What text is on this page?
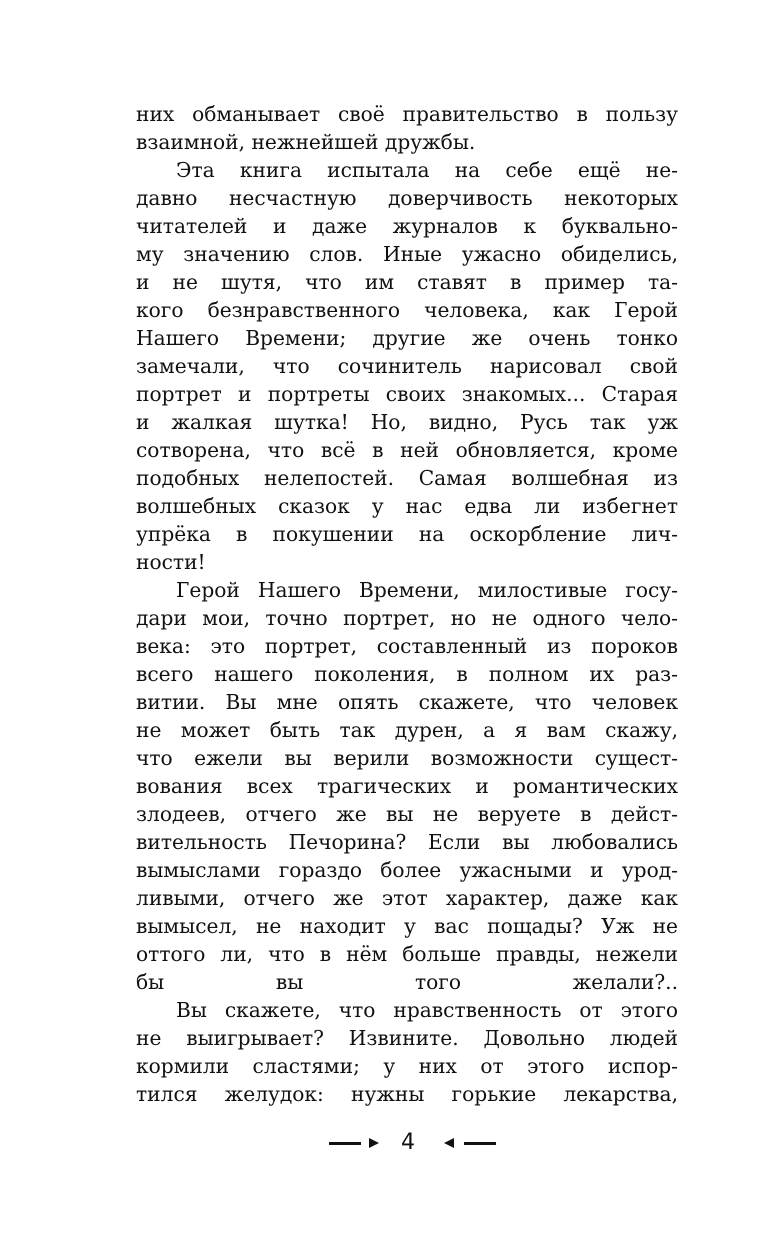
них обманывает своё правительство в пользу
взаимной, нежнейшей дружбы.
Эта книга испытала на себе ещё не-
давно несчастную доверчивость некоторых
читателей и даже журналов к буквально-
му значению слов. Иные ужасно обиделись,
и не шутя, что им ставят в пример та-
кого безнравственного человека, как Герой
Нашего Времени; другие же очень тонко
замечали, что сочинитель нарисовал свой
портрет и портреты своих знакомых... Старая
и жалкая шутка! Но, видно, Русь так уж
сотворена, что всё в ней обновляется, кроме
подобных нелепостей. Самая волшебная из
волшебных сказок у нас едва ли избегнет
упрёка в покушении на оскорбление лич-
ности!
Герой Нашего Времени, милостивые госу-
дари мои, точно портрет, но не одного чело-
века: это портрет, составленный из пороков
всего нашего поколения, в полном их раз-
витии. Вы мне опять скажете, что человек
не может быть так дурен, а я вам скажу,
что ежели вы верили возможности сущест-
вования всех трагических и романтических
злодеев, отчего же вы не веруете в дейст-
вительность Печорина? Если вы любовались
вымыслами гораздо более ужасными и урод-
ливыми, отчего же этот характер, даже как
вымысел, не находит у вас пощады? Уж не
оттого ли, что в нём больше правды, нежели
бы вы того желали?..
Вы скажете, что нравственность от этого
не выигрывает? Извините. Довольно людей
кормили сластями; у них от этого испор-
тился желудок: нужны горькие лекарства,
4
